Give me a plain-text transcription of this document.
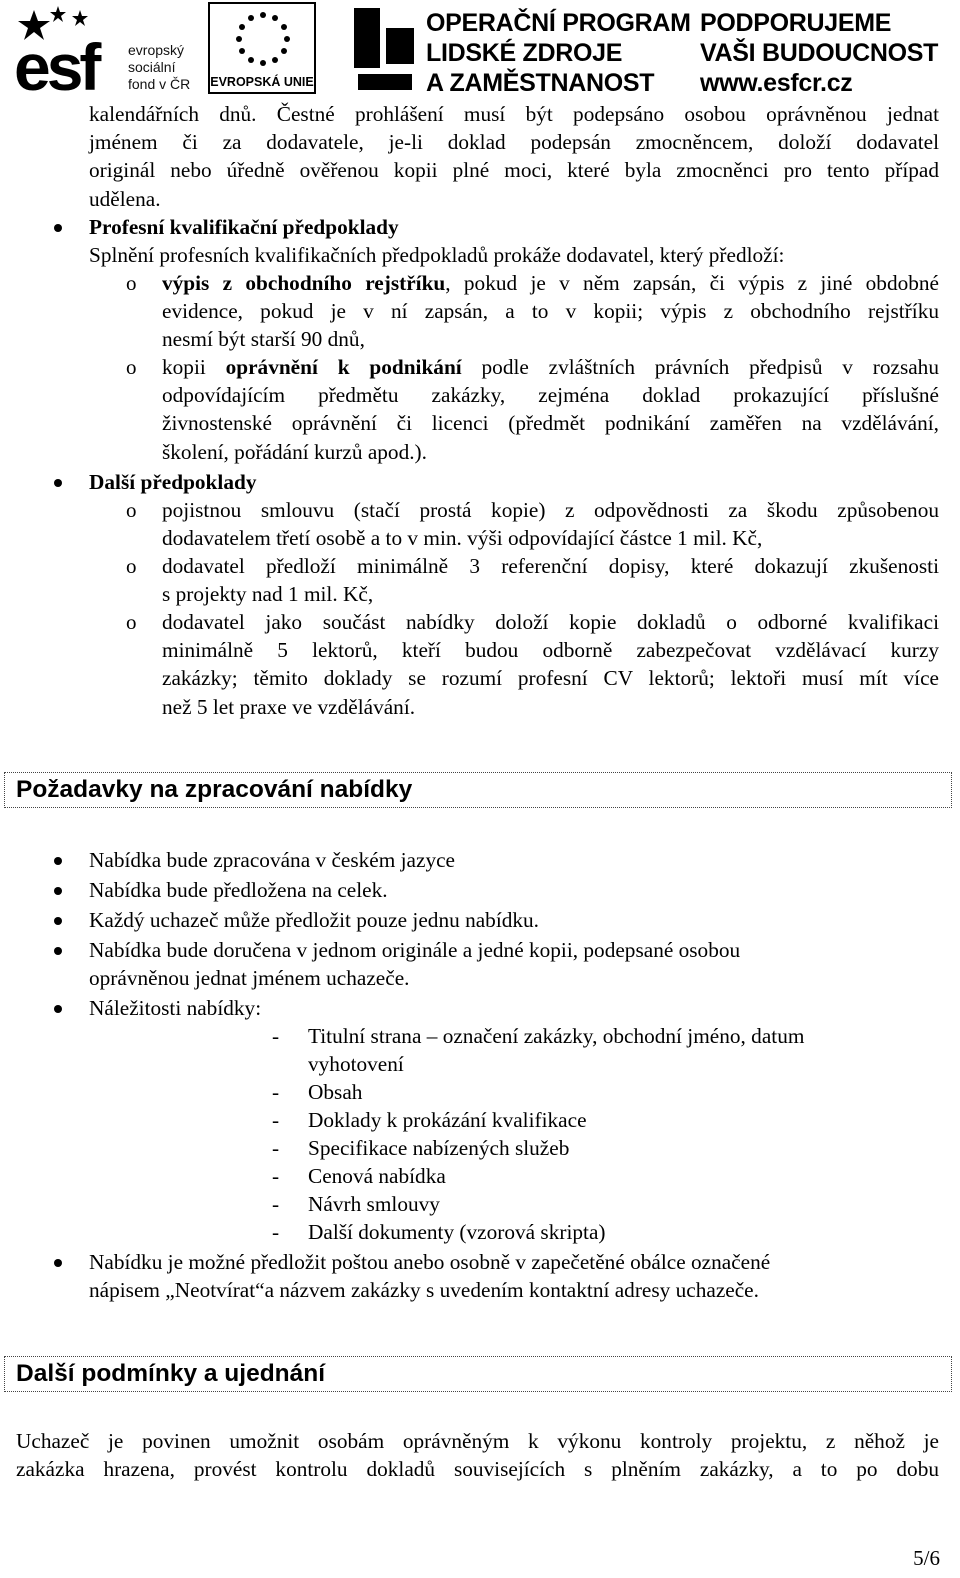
esf	evropský
sociální
fond v ČR EVROPSKÁ UNIE
OPERAČNÍ PROGRAM
LIDSKÉ ZDROJE
A ZAMĚSTNANOST
PODPORUJEME
VAŠI BUDOUCNOST
www.esfcr.cz
kalendářních dnů. Čestné prohlášení musí být podepsáno osobou oprávněnou jednat
jménem či za dodavatele, je-li doklad podepsán zmocněncem, doloží dodavatel
originál nebo úředně ověřenou kopii plné moci, které byla zmocněnci pro tento případ
udělena.
Profesní kvalifikační předpoklady
Splnění profesních kvalifikačních předpokladů prokáže dodavatel, který předloží:
o výpis z obchodního rejstříku, pokud je v něm zapsán, či výpis z jiné obdobné
evidence, pokud je v ní zapsán, a to v kopii; výpis z obchodního rejstříku
nesmí být starší 90 dnů,
o kopii oprávnění k podnikání podle zvláštních právních předpisů v rozsahu
odpovídajícím předmětu zakázky, zejména doklad prokazující příslušné
živnostenské oprávnění či licenci (předmět podnikání zaměřen na vzdělávání,
školení, pořádání kurzů apod.).
Další předpoklady
o pojistnou smlouvu (stačí prostá kopie) z odpovědnosti za škodu způsobenou
dodavatelem třetí osobě a to v min. výši odpovídající částce 1 mil. Kč,
o dodavatel předloží minimálně 3 referenční dopisy, které dokazují zkušenosti
s projekty nad 1 mil. Kč,
o dodavatel jako součást nabídky doloží kopie dokladů o odborné kvalifikaci
minimálně 5 lektorů, kteří budou odborně zabezpečovat vzdělávací kurzy
zakázky; těmito doklady se rozumí profesní CV lektorů; lektoři musí mít více
než 5 let praxe ve vzdělávání.
Požadavky na zpracování nabídky
Nabídka bude zpracována v českém jazyce
Nabídka bude předložena na celek.
Každý uchazeč může předložit pouze jednu nabídku.
Nabídka bude doručena v jednom originále a jedné kopii, podepsané osobou
oprávněnou jednat jménem uchazeče.
Náležitosti nabídky:
- Titulní strana – označení zakázky, obchodní jméno, datum
vyhotovení
- Obsah
- Doklady k prokázání kvalifikace
- Specifikace nabízených služeb
- Cenová nabídka
- Návrh smlouvy
- Další dokumenty (vzorová skripta)
Nabídku je možné předložit poštou anebo osobně v zapečetěné obálce označené
nápisem „Neotvírat“a názvem zakázky s uvedením kontaktní adresy uchazeče.
Další podmínky a ujednání
Uchazeč je povinen umožnit osobám oprávněným k výkonu kontroly projektu, z něhož je
zakázka hrazena, provést kontrolu dokladů souvisejících s plněním zakázky, a to po dobu
5/6
